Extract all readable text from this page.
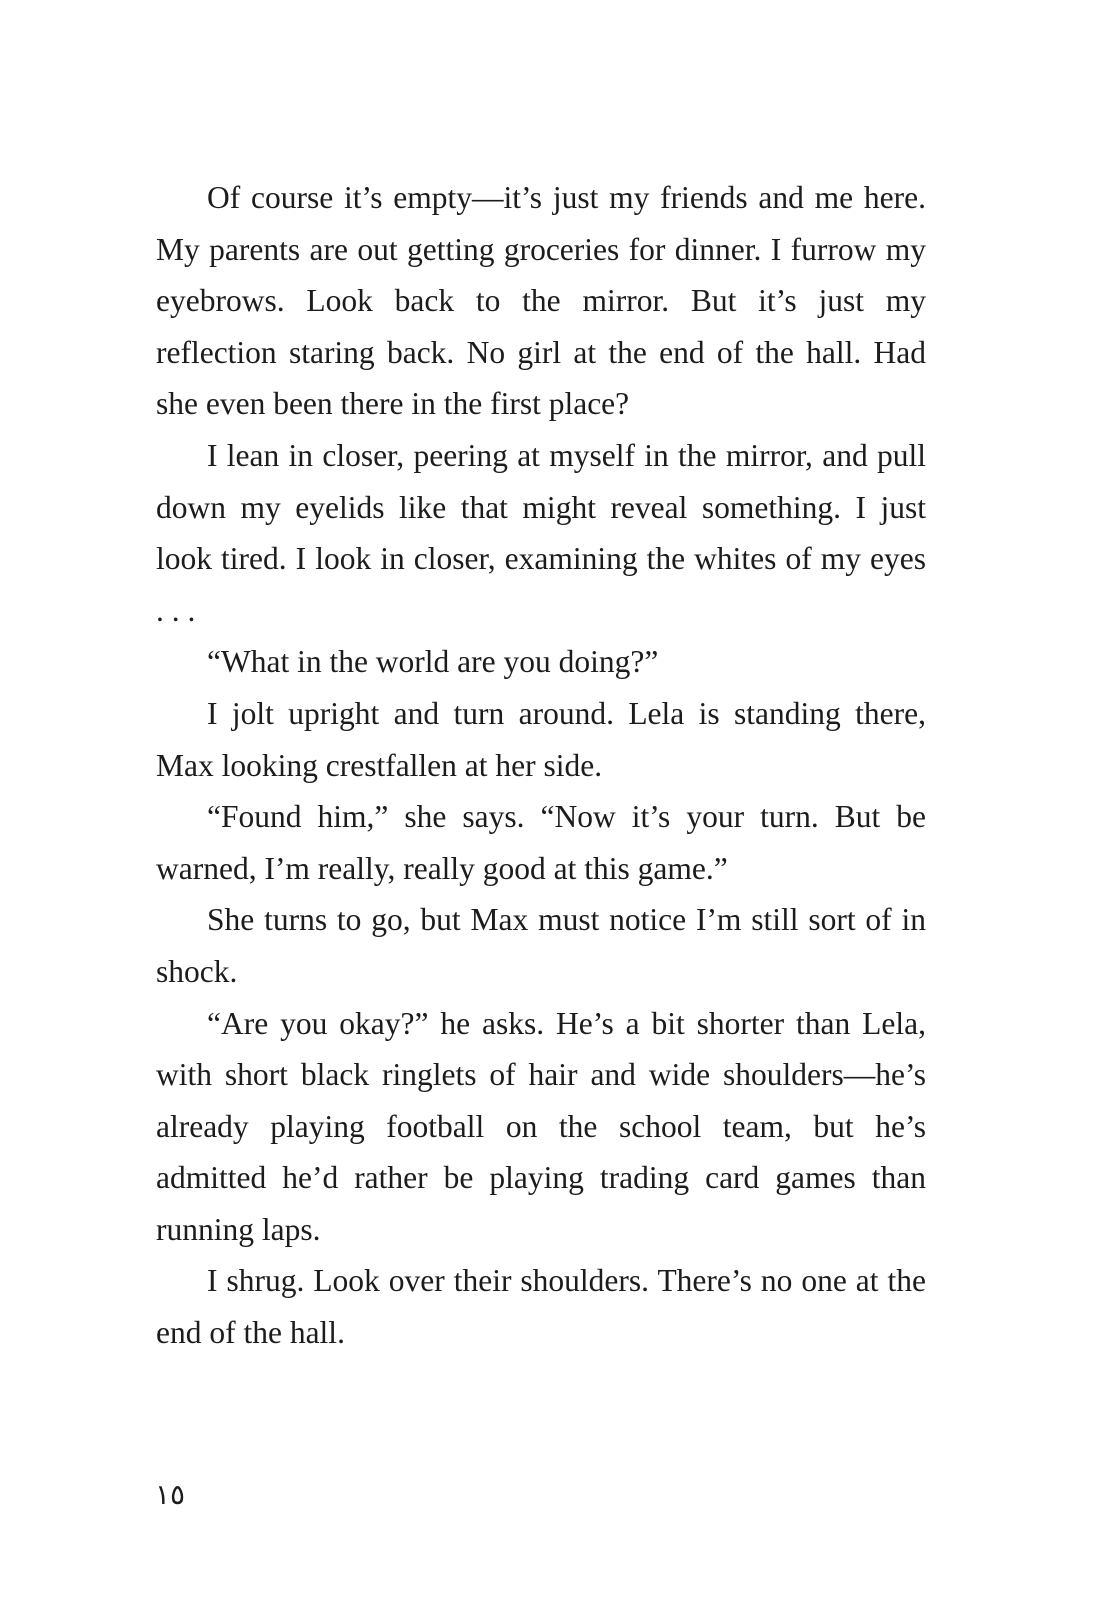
Of course it’s empty—it’s just my friends and me here. My parents are out getting groceries for dinner. I furrow my eyebrows. Look back to the mirror. But it’s just my reflection staring back. No girl at the end of the hall. Had she even been there in the first place?

I lean in closer, peering at myself in the mirror, and pull down my eyelids like that might reveal something. I just look tired. I look in closer, examining the whites of my eyes . . .

“What in the world are you doing?”

I jolt upright and turn around. Lela is standing there, Max looking crestfallen at her side.

“Found him,” she says. “Now it’s your turn. But be warned, I’m really, really good at this game.”

She turns to go, but Max must notice I’m still sort of in shock.

“Are you okay?” he asks. He’s a bit shorter than Lela, with short black ringlets of hair and wide shoulders—he’s already playing football on the school team, but he’s admitted he’d rather be playing trading card games than running laps.

I shrug. Look over their shoulders. There’s no one at the end of the hall.

١٥
